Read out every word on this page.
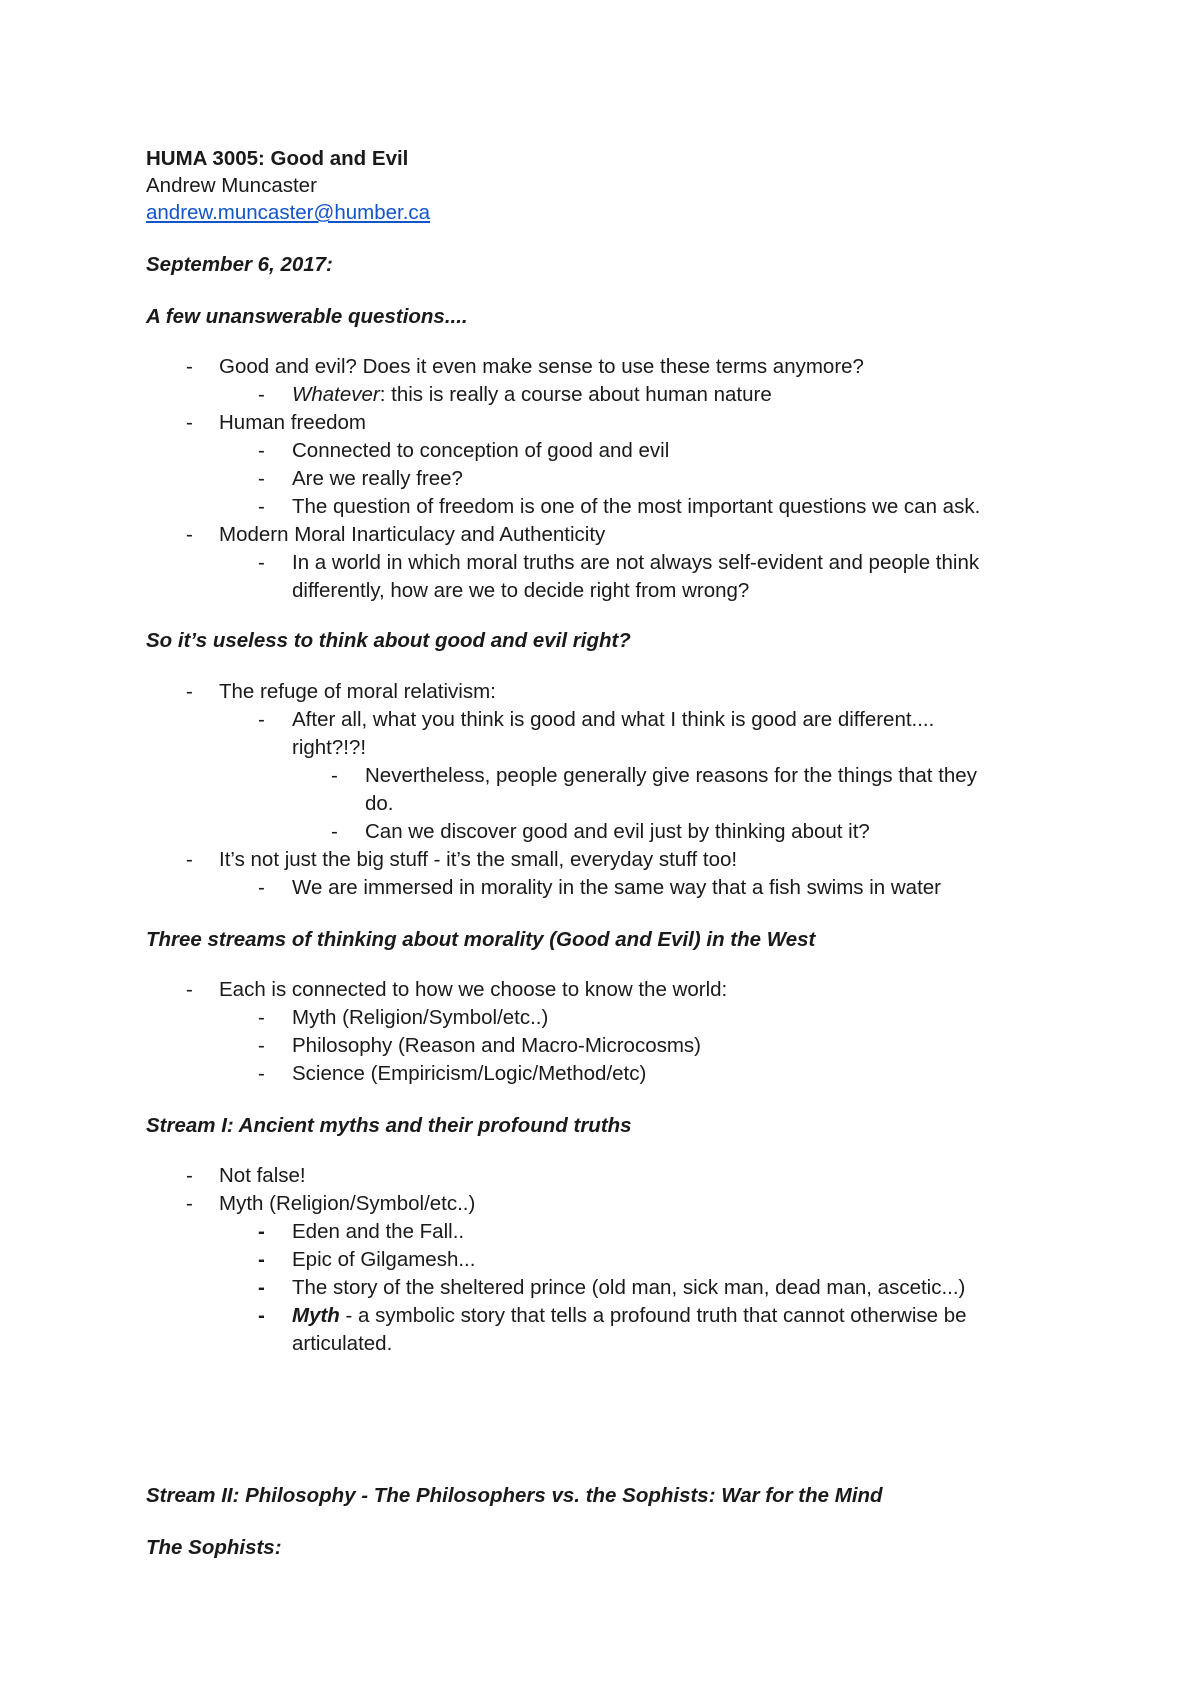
HUMA 3005: Good and Evil
Andrew Muncaster
andrew.muncaster@humber.ca
September 6, 2017:
A few unanswerable questions....
- Good and evil? Does it even make sense to use these terms anymore?
- Whatever: this is really a course about human nature
- Human freedom
- Connected to conception of good and evil
- Are we really free?
- The question of freedom is one of the most important questions we can ask.
- Modern Moral Inarticulacy and Authenticity
- In a world in which moral truths are not always self-evident and people think
differently, how are we to decide right from wrong?
So it’s useless to think about good and evil right?
- The refuge of moral relativism:
- After all, what you think is good and what I think is good are different....
right?!?!
- Nevertheless, people generally give reasons for the things that they
do.
- Can we discover good and evil just by thinking about it?
- It’s not just the big stuff - it’s the small, everyday stuff too!
- We are immersed in morality in the same way that a fish swims in water
Three streams of thinking about morality (Good and Evil) in the West
- Each is connected to how we choose to know the world:
- Myth (Religion/Symbol/etc..)
- Philosophy (Reason and Macro-Microcosms)
- Science (Empiricism/Logic/Method/etc)
Stream I: Ancient myths and their profound truths
- Not false!
- Myth (Religion/Symbol/etc..)
- Eden and the Fall..
- Epic of Gilgamesh...
- The story of the sheltered prince (old man, sick man, dead man, ascetic...)
- Myth - a symbolic story that tells a profound truth that cannot otherwise be
articulated.
Stream II: Philosophy - The Philosophers vs. the Sophists: War for the Mind
The Sophists:
